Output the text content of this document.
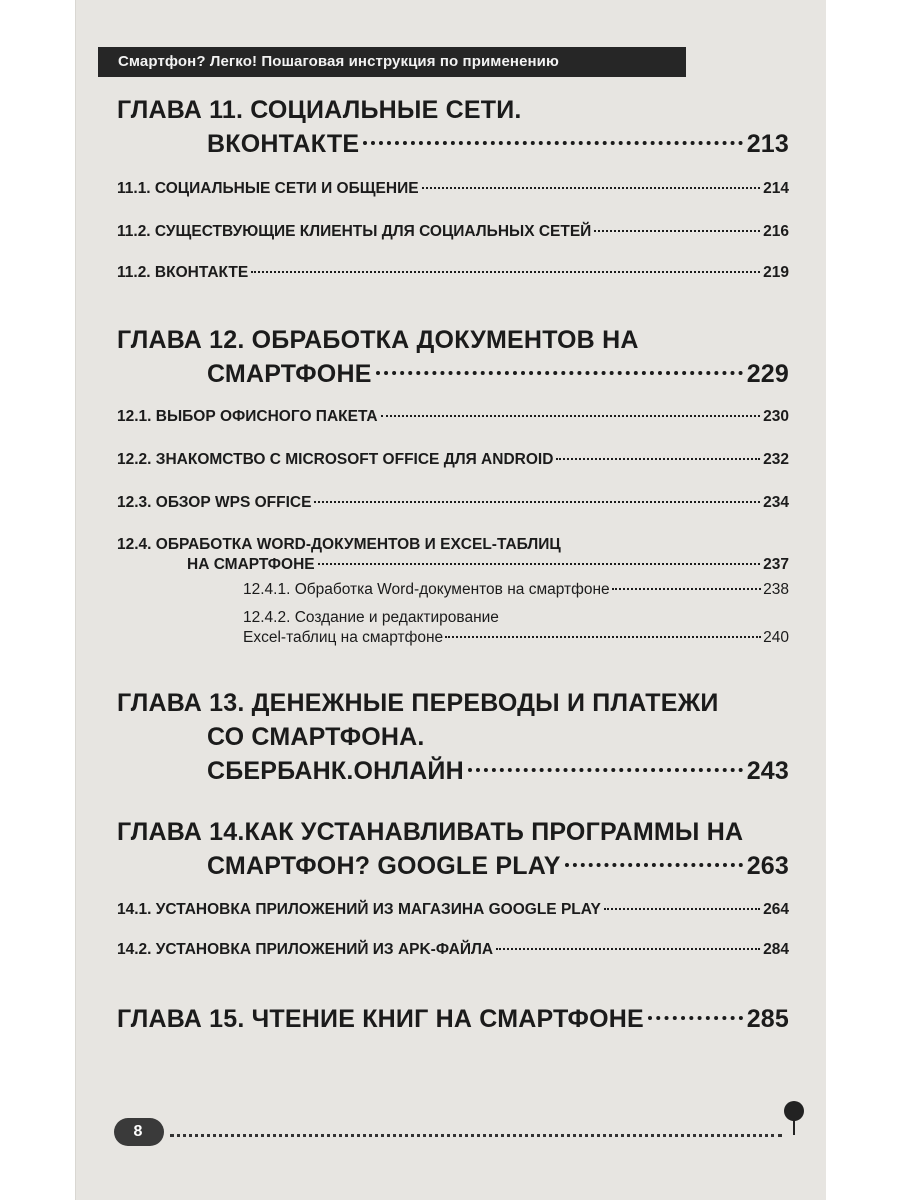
Смартфон? Легко! Пошаговая инструкция по применению
ГЛАВА 11. СОЦИАЛЬНЫЕ СЕТИ.
ВКОНТАКТЕ	213
11.1. СОЦИАЛЬНЫЕ СЕТИ И ОБЩЕНИЕ	214
11.2. СУЩЕСТВУЮЩИЕ КЛИЕНТЫ ДЛЯ СОЦИАЛЬНЫХ СЕТЕЙ	216
11.2. ВКОНТАКТЕ	219
ГЛАВА 12. ОБРАБОТКА ДОКУМЕНТОВ НА
СМАРТФОНЕ	229
12.1. ВЫБОР ОФИСНОГО ПАКЕТА	230
12.2. ЗНАКОМСТВО С MICROSOFT OFFICE ДЛЯ ANDROID	232
12.3. ОБЗОР WPS OFFICE	234
12.4. ОБРАБОТКА WORD-ДОКУМЕНТОВ И EXCEL-ТАБЛИЦ
НА СМАРТФОНЕ	237
12.4.1. Обработка Word-документов на смартфоне	238
12.4.2. Создание и редактирование
Excel-таблиц на смартфоне	240
ГЛАВА 13. ДЕНЕЖНЫЕ ПЕРЕВОДЫ И ПЛАТЕЖИ
СО СМАРТФОНА.
СБЕРБАНК.ОНЛАЙН	243
ГЛАВА 14.КАК УСТАНАВЛИВАТЬ ПРОГРАММЫ НА
СМАРТФОН? GOOGLE PLAY	263
14.1. УСТАНОВКА ПРИЛОЖЕНИЙ ИЗ МАГАЗИНА GOOGLE PLAY	264
14.2. УСТАНОВКА ПРИЛОЖЕНИЙ ИЗ APK-ФАЙЛА	284
ГЛАВА 15. ЧТЕНИЕ КНИГ НА СМАРТФОНЕ	285
8
